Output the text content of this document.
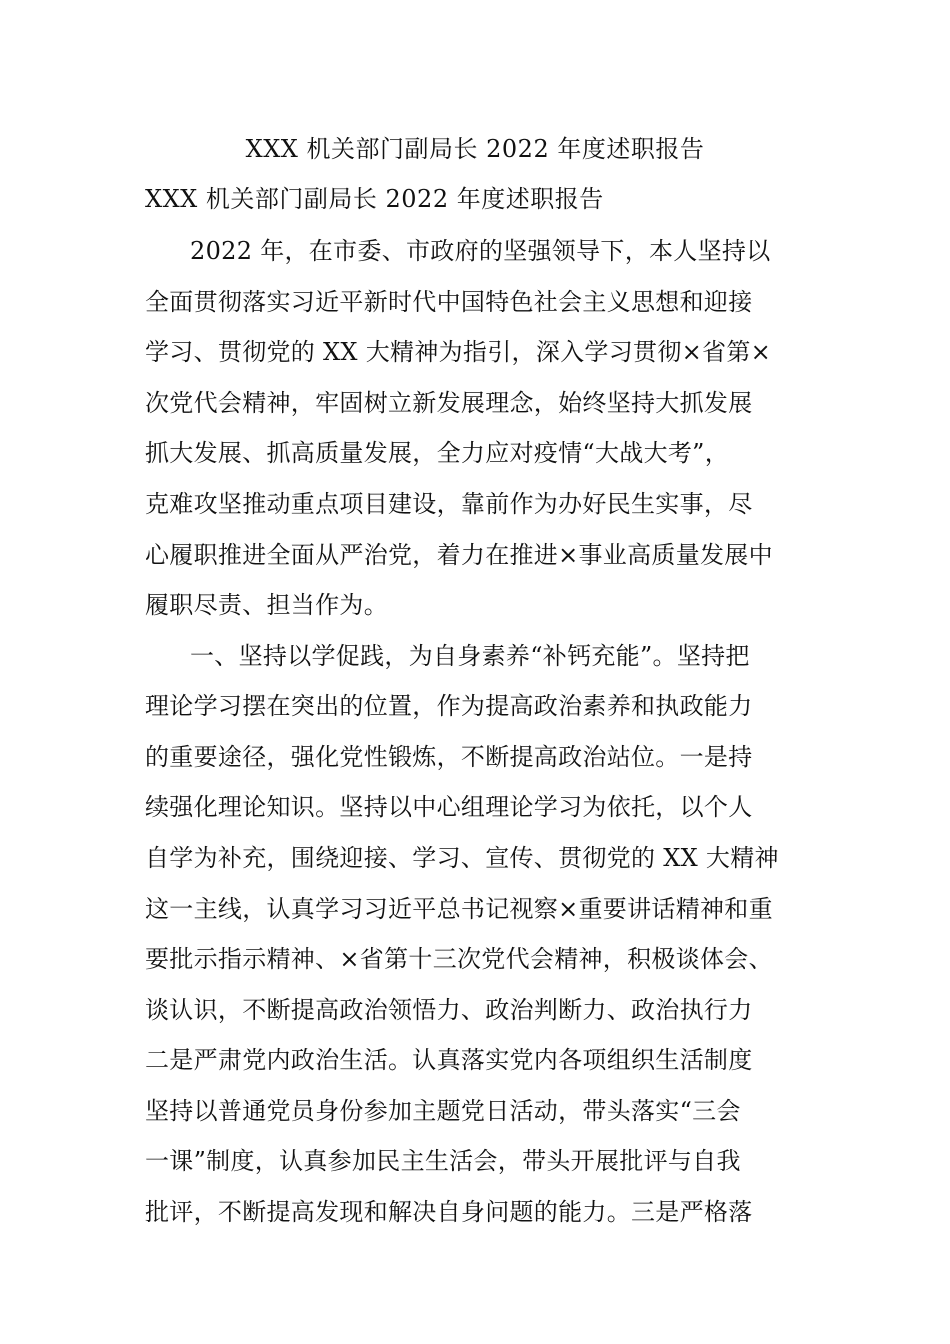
XXX 机关部门副局长 2022 年度述职报告
XXX 机关部门副局长 2022 年度述职报告
2022 年，在市委、市政府的坚强领导下，本人坚持以
全面贯彻落实习近平新时代中国特色社会主义思想和迎接
学习、贯彻党的 XX 大精神为指引，深入学习贯彻×省第×
次党代会精神，牢固树立新发展理念，始终坚持大抓发展
抓大发展、抓高质量发展，全力应对疫情“大战大考”，
克难攻坚推动重点项目建设，靠前作为办好民生实事，尽
心履职推进全面从严治党，着力在推进×事业高质量发展中
履职尽责、担当作为。
一、坚持以学促践，为自身素养“补钙充能”。坚持把
理论学习摆在突出的位置，作为提高政治素养和执政能力
的重要途径，强化党性锻炼，不断提高政治站位。一是持
续强化理论知识。坚持以中心组理论学习为依托，以个人
自学为补充，围绕迎接、学习、宣传、贯彻党的 XX 大精神
这一主线，认真学习习近平总书记视察×重要讲话精神和重
要批示指示精神、×省第十三次党代会精神，积极谈体会、
谈认识，不断提高政治领悟力、政治判断力、政治执行力
二是严肃党内政治生活。认真落实党内各项组织生活制度
坚持以普通党员身份参加主题党日活动，带头落实“三会
一课”制度，认真参加民主生活会，带头开展批评与自我
批评，不断提高发现和解决自身问题的能力。三是严格落
